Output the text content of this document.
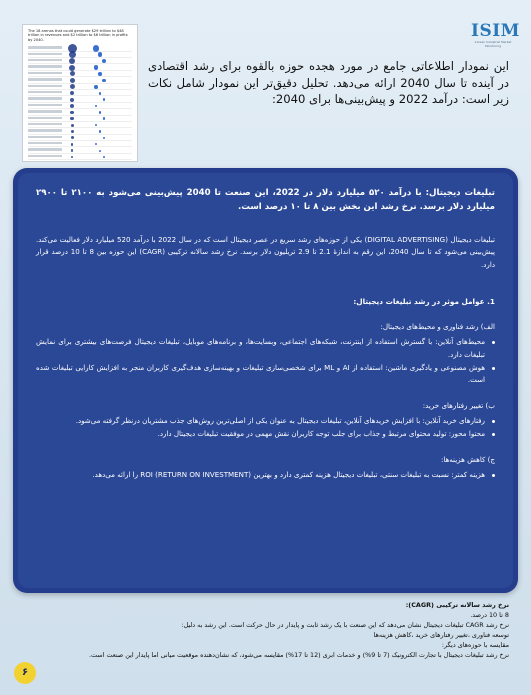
ISIM
Iranian Industrial Market Monitoring
The 18 arenas that could generate $29 trillion to $48 trillion in revenues and $2 trillion to $6 trillion in profits by 2040.
این نمودار اطلاعاتی جامع در مورد هجده حوزه بالقوه برای رشد اقتصادی در آینده تا سال 2040 ارائه می‌دهد. تحلیل دقیق‌تر این نمودار شامل نکات زیر است: درآمد 2022 و پیش‌بینی‌ها برای 2040:
تبلیغات دیجیتال: با درآمد ۵۲۰ میلیارد دلار در 2022، این صنعت تا 2040 پیش‌بینی می‌شود به ۲۱۰۰ تا ۲۹۰۰ میلیارد دلار برسد. نرخ رشد این بخش بین ۸ تا ۱۰ درصد است.
تبلیغات دیجیتال (DIGITAL ADVERTISING) یکی از حوزه‌های رشد سریع در عصر دیجیتال است که در سال 2022 با درآمد 520 میلیارد دلار فعالیت می‌کند. پیش‌بینی می‌شود که تا سال 2040، این رقم به اندازهٔ 2.1 تا 2.9 تریلیون دلار برسد. نرخ رشد سالانه ترکیبی (CAGR) این حوزه بین 8 تا 10 درصد قرار دارد.
1. عوامل موثر در رشد تبلیغات دیجیتال:
الف) رشد فناوری و محیط‌های دیجیتال:
محیط‌های آنلاین: با گسترش استفاده از اینترنت، شبکه‌های اجتماعی، وبسایت‌ها، و برنامه‌های موبایل، تبلیغات دیجیتال فرصت‌های بیشتری برای نمایش تبلیغات دارد.
هوش مصنوعی و یادگیری ماشین: استفاده از AI و ML برای شخصی‌سازی تبلیغات و بهینه‌سازی هدف‌گیری کاربران منجر به افزایش کارایی تبلیغات شده است.
ب) تغییر رفتارهای خرید:
رفتارهای خرید آنلاین: با افزایش خریدهای آنلاین، تبلیغات دیجیتال به عنوان یکی از اصلی‌ترین روش‌های جذب مشتریان درنظر گرفته می‌شود.
محتوا محور: تولید محتوای مرتبط و جذاب برای جلب توجه کاربران نقش مهمی در موفقیت تبلیغات دیجیتال دارد.
ج) کاهش هزینه‌ها:
هزینه کمتر: نسبت به تبلیغات سنتی، تبلیغات دیجیتال هزینه کمتری دارد و بهترین ROI (RETURN ON INVESTMENT) را ارائه می‌دهد.
نرخ رشد سالانه ترکیبی (CAGR):
8 تا 10 درصد.
نرخ رشد CAGR تبلیغات دیجیتال نشان می‌دهد که این صنعت با یک رشد ثابت و پایدار در حال حرکت است. این رشد به دلیل:
توسعه فناوری ،تغییر رفتارهای خرید ،کاهش هزینه‌ها
مقایسه با حوزه‌های دیگر:
نرخ رشد تبلیغات دیجیتال با تجارت الکترونیک (7 تا 9%) و خدمات ابری (12 تا 17%) مقایسه می‌شود، که نشان‌دهنده موقعیت میانی اما پایدار این صنعت است.
۶
